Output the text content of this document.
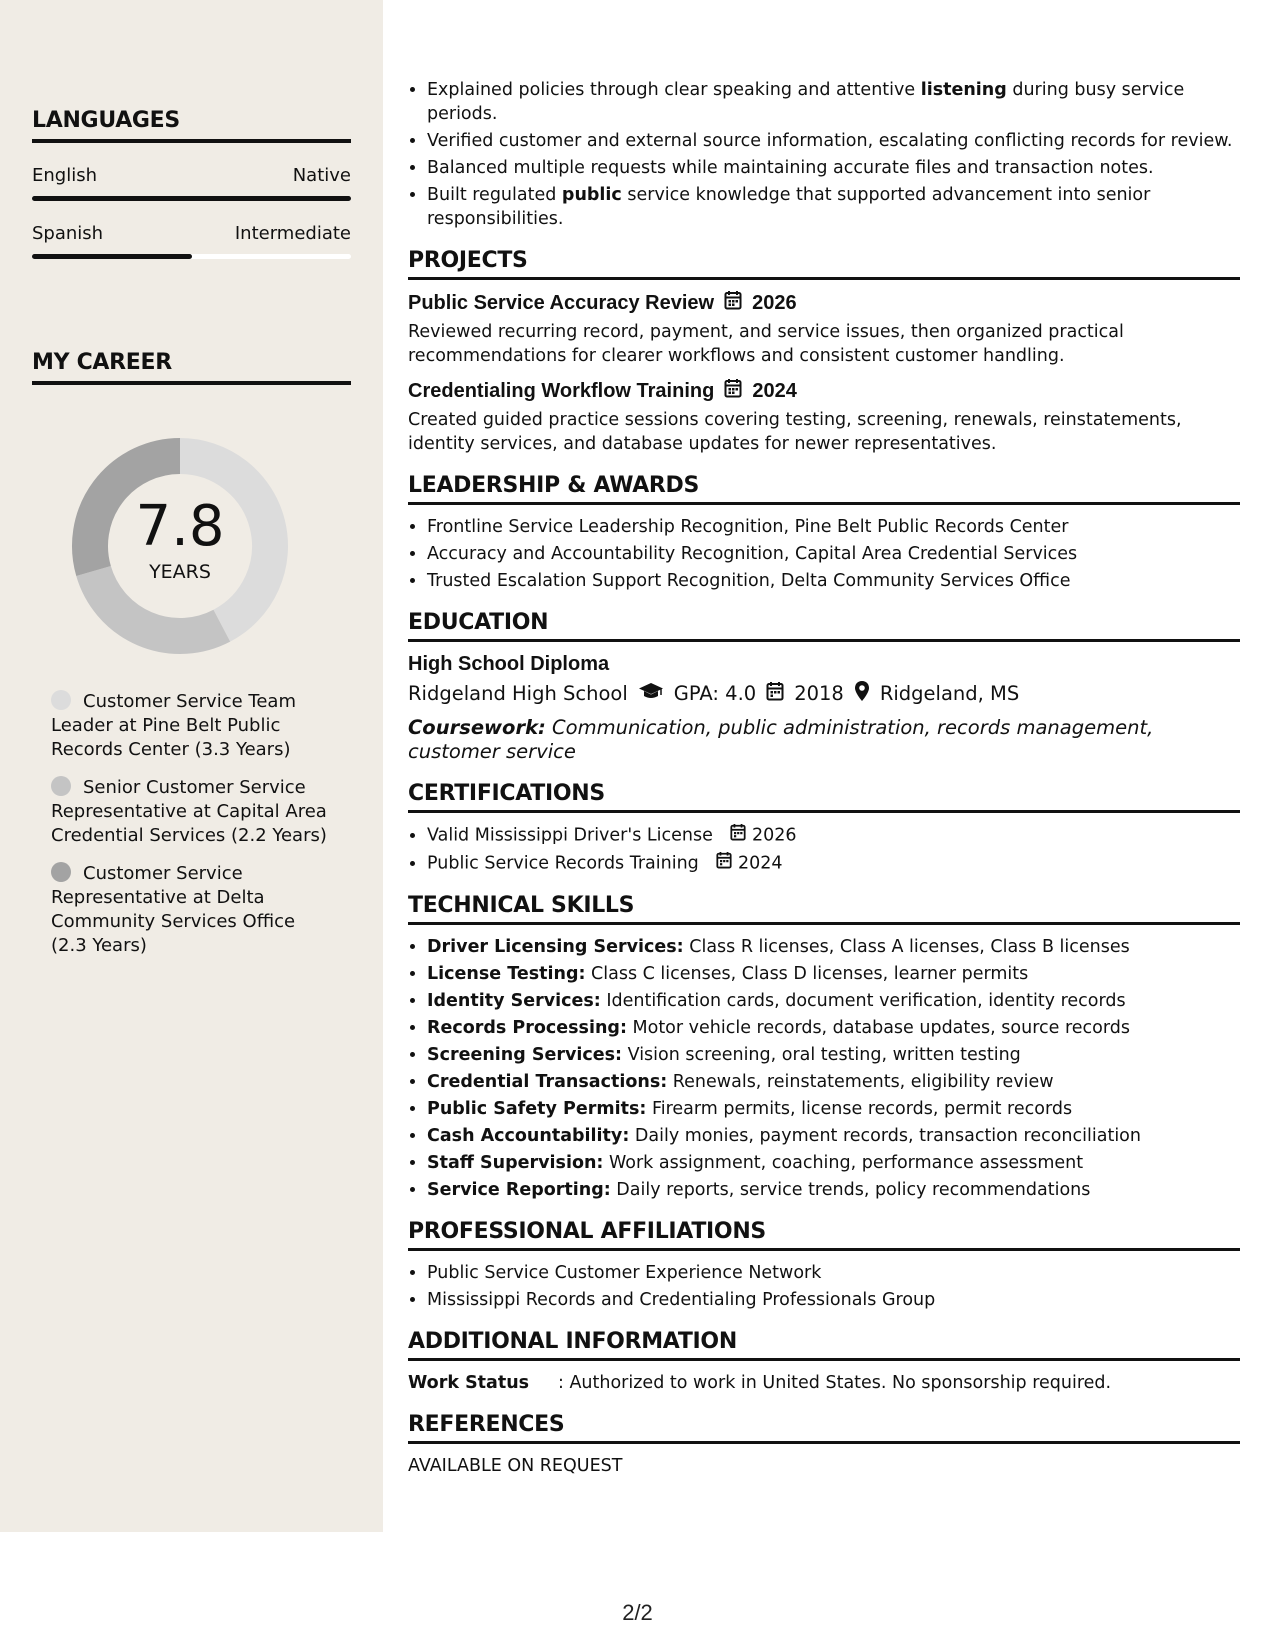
LANGUAGES
English	Native
Spanish	Intermediate
MY CAREER
7.8
YEARS
Customer Service Team Leader at Pine Belt Public Records Center (3.3 Years)
Senior Customer Service Representative at Capital Area Credential Services (2.2 Years)
Customer Service Representative at Delta Community Services Office (2.3 Years)
• Explained policies through clear speaking and attentive listening during busy service periods.
• Verified customer and external source information, escalating conflicting records for review.
• Balanced multiple requests while maintaining accurate files and transaction notes.
• Built regulated public service knowledge that supported advancement into senior responsibilities.
PROJECTS
Public Service Accuracy Review 2026
Reviewed recurring record, payment, and service issues, then organized practical recommendations for clearer workflows and consistent customer handling.
Credentialing Workflow Training 2024
Created guided practice sessions covering testing, screening, renewals, reinstatements, identity services, and database updates for newer representatives.
LEADERSHIP & AWARDS
• Frontline Service Leadership Recognition, Pine Belt Public Records Center
• Accuracy and Accountability Recognition, Capital Area Credential Services
• Trusted Escalation Support Recognition, Delta Community Services Office
EDUCATION
High School Diploma
Ridgeland High School GPA: 4.0 2018 Ridgeland, MS
Coursework: Communication, public administration, records management, customer service
CERTIFICATIONS
• Valid Mississippi Driver's License 2026
• Public Service Records Training 2024
TECHNICAL SKILLS
• Driver Licensing Services: Class R licenses, Class A licenses, Class B licenses
• License Testing: Class C licenses, Class D licenses, learner permits
• Identity Services: Identification cards, document verification, identity records
• Records Processing: Motor vehicle records, database updates, source records
• Screening Services: Vision screening, oral testing, written testing
• Credential Transactions: Renewals, reinstatements, eligibility review
• Public Safety Permits: Firearm permits, license records, permit records
• Cash Accountability: Daily monies, payment records, transaction reconciliation
• Staff Supervision: Work assignment, coaching, performance assessment
• Service Reporting: Daily reports, service trends, policy recommendations
PROFESSIONAL AFFILIATIONS
• Public Service Customer Experience Network
• Mississippi Records and Credentialing Professionals Group
ADDITIONAL INFORMATION
Work Status	: Authorized to work in United States. No sponsorship required.
REFERENCES
AVAILABLE ON REQUEST
2/2
